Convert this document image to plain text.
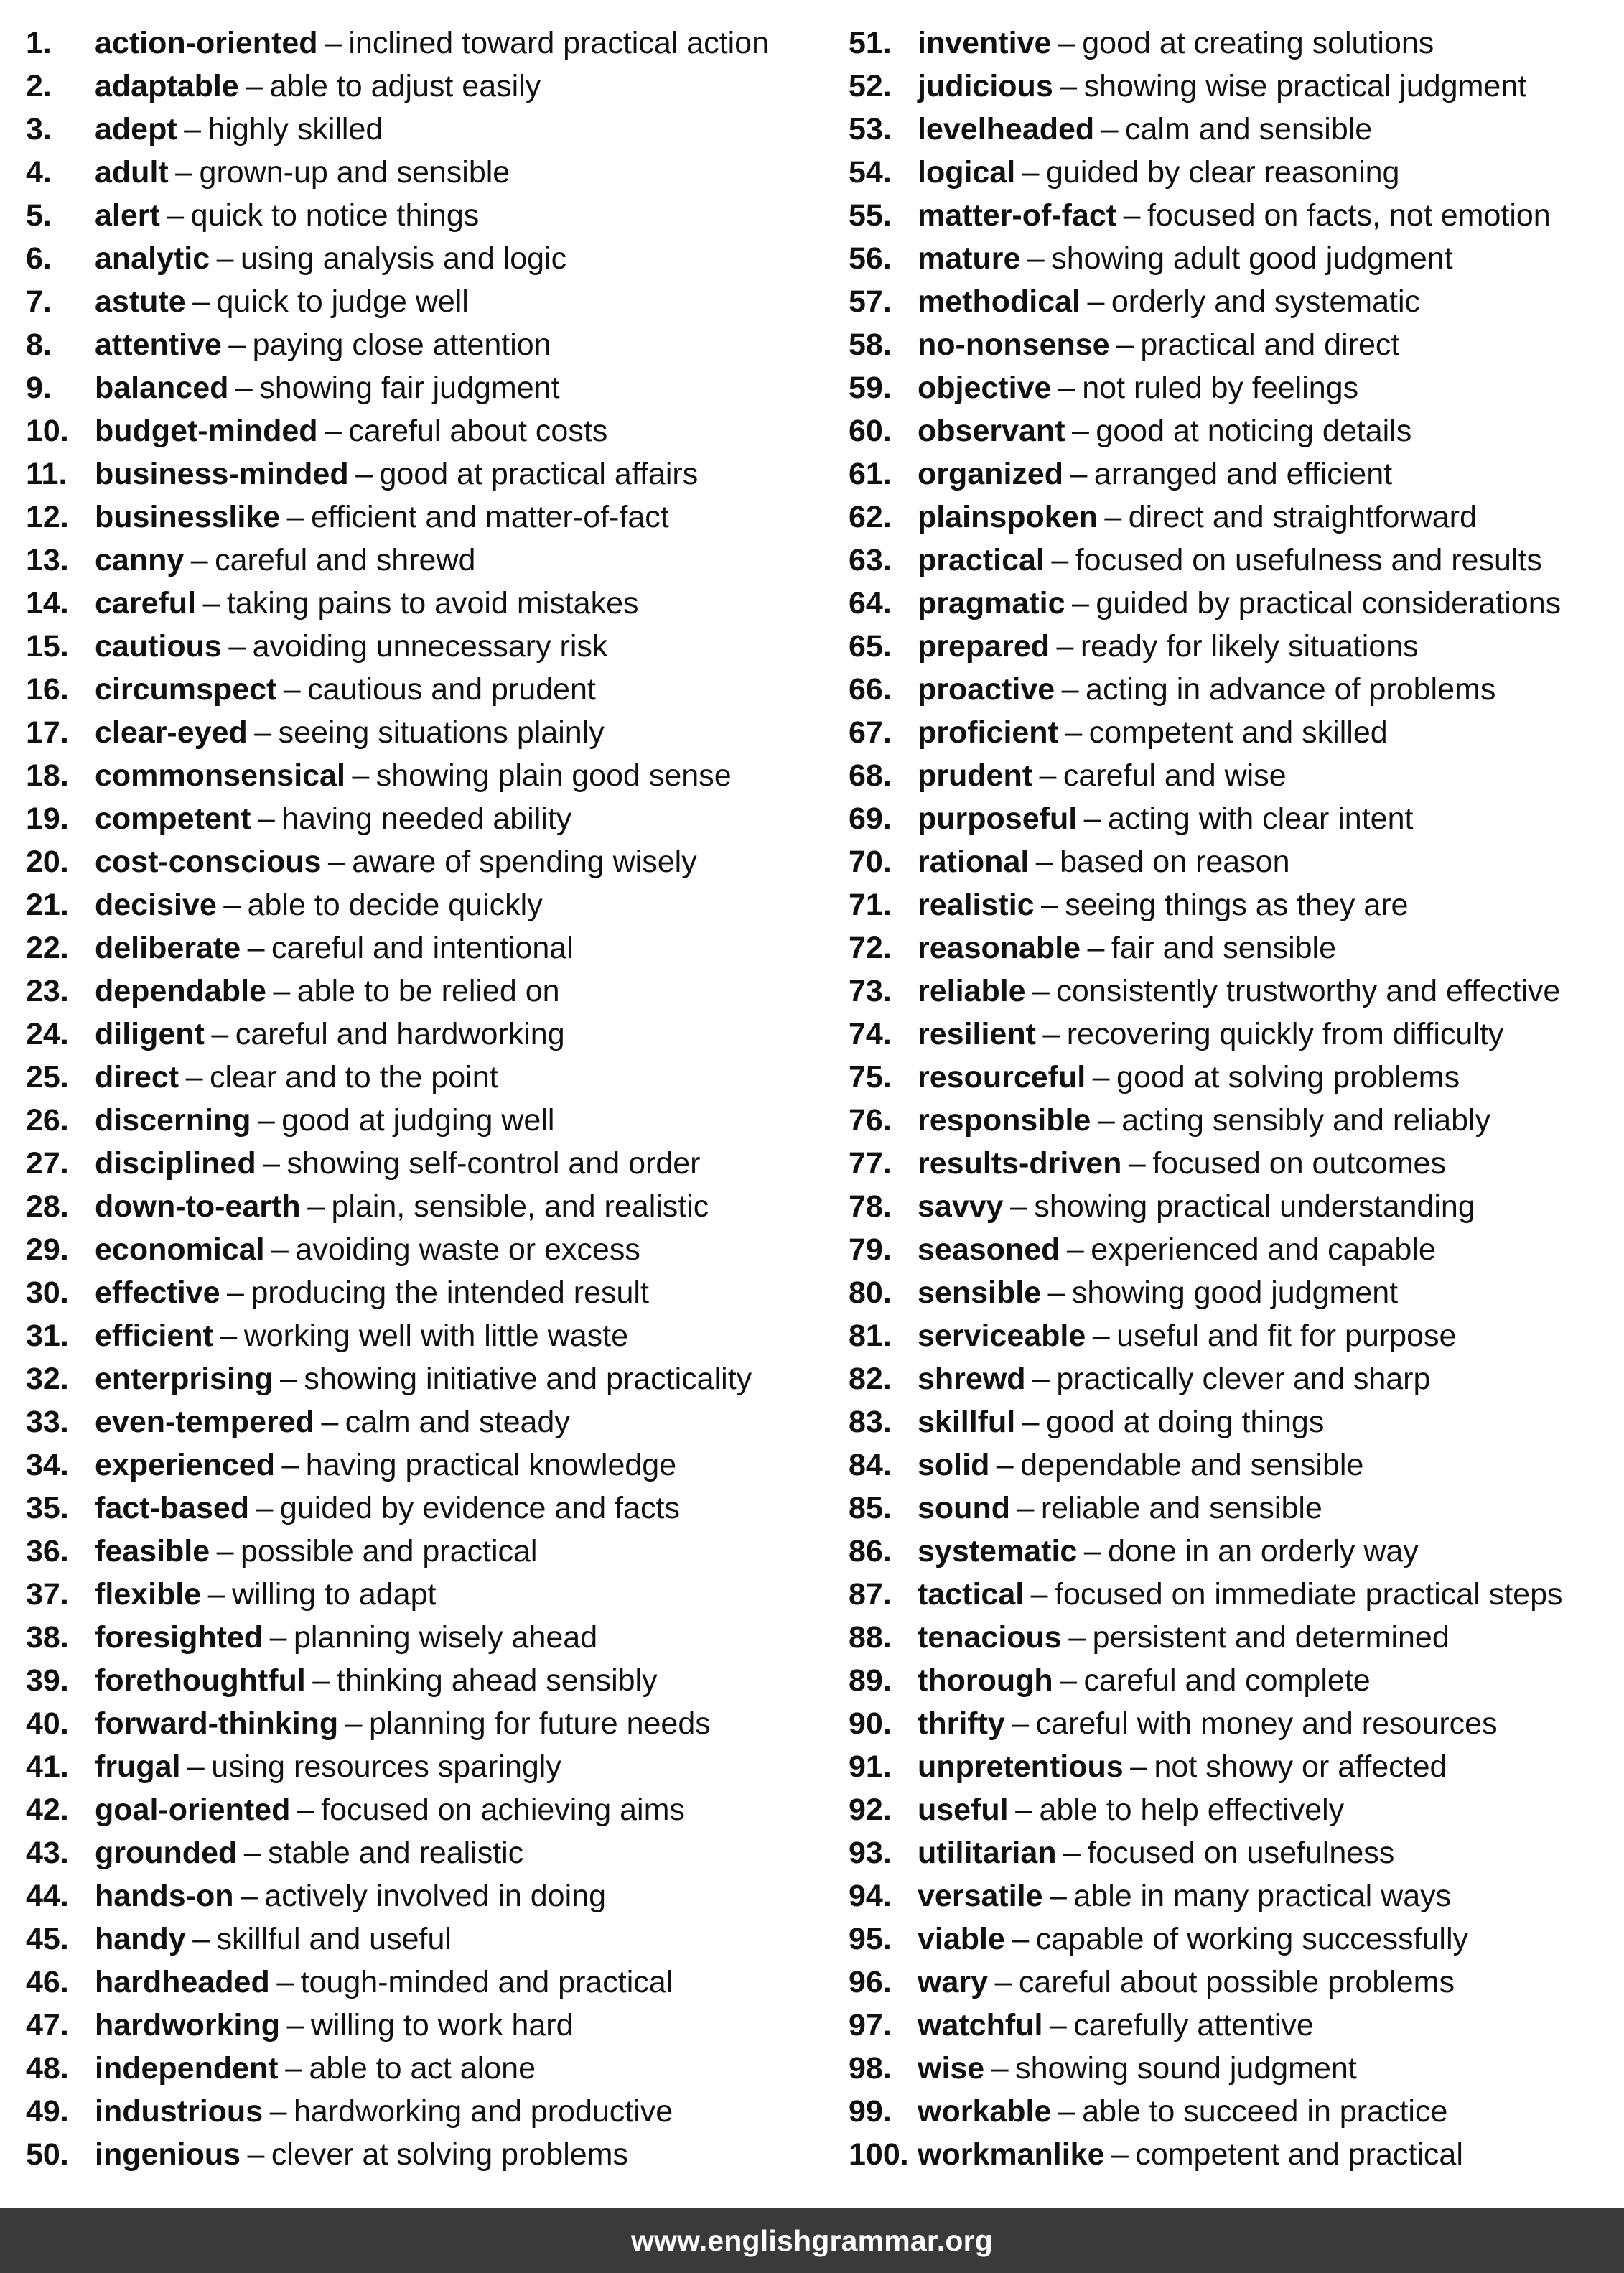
1.	action-oriented – inclined toward practical action
2.	adaptable – able to adjust easily
3.	adept – highly skilled
4.	adult – grown-up and sensible
5.	alert – quick to notice things
6.	analytic – using analysis and logic
7.	astute – quick to judge well
8.	attentive – paying close attention
9.	balanced – showing fair judgment
10. budget-minded – careful about costs
11. business-minded – good at practical affairs
12. businesslike – efficient and matter-of-fact
13. canny – careful and shrewd
14. careful – taking pains to avoid mistakes
15. cautious – avoiding unnecessary risk
16. circumspect – cautious and prudent
17. clear-eyed – seeing situations plainly
18. commonsensical – showing plain good sense
19. competent – having needed ability
20. cost-conscious – aware of spending wisely
21. decisive – able to decide quickly
22. deliberate – careful and intentional
23. dependable – able to be relied on
24. diligent – careful and hardworking
25. direct – clear and to the point
26. discerning – good at judging well
27. disciplined – showing self-control and order
28. down-to-earth – plain, sensible, and realistic
29. economical – avoiding waste or excess
30. effective – producing the intended result
31. efficient – working well with little waste
32. enterprising – showing initiative and practicality
33. even-tempered – calm and steady
34. experienced – having practical knowledge
35. fact-based – guided by evidence and facts
36. feasible – possible and practical
37. flexible – willing to adapt
38. foresighted – planning wisely ahead
39. forethoughtful – thinking ahead sensibly
40. forward-thinking – planning for future needs
41. frugal – using resources sparingly
42. goal-oriented – focused on achieving aims
43. grounded – stable and realistic
44. hands-on – actively involved in doing
45. handy – skillful and useful
46. hardheaded – tough-minded and practical
47. hardworking – willing to work hard
48. independent – able to act alone
49. industrious – hardworking and productive
50. ingenious – clever at solving problems
51. inventive – good at creating solutions
52. judicious – showing wise practical judgment
53. levelheaded – calm and sensible
54. logical – guided by clear reasoning
55. matter-of-fact – focused on facts, not emotion
56. mature – showing adult good judgment
57. methodical – orderly and systematic
58. no-nonsense – practical and direct
59. objective – not ruled by feelings
60. observant – good at noticing details
61. organized – arranged and efficient
62. plainspoken – direct and straightforward
63. practical – focused on usefulness and results
64. pragmatic – guided by practical considerations
65. prepared – ready for likely situations
66. proactive – acting in advance of problems
67. proficient – competent and skilled
68. prudent – careful and wise
69. purposeful – acting with clear intent
70. rational – based on reason
71. realistic – seeing things as they are
72. reasonable – fair and sensible
73. reliable – consistently trustworthy and effective
74. resilient – recovering quickly from difficulty
75. resourceful – good at solving problems
76. responsible – acting sensibly and reliably
77. results-driven – focused on outcomes
78. savvy – showing practical understanding
79. seasoned – experienced and capable
80. sensible – showing good judgment
81. serviceable – useful and fit for purpose
82. shrewd – practically clever and sharp
83. skillful – good at doing things
84. solid – dependable and sensible
85. sound – reliable and sensible
86. systematic – done in an orderly way
87. tactical – focused on immediate practical steps
88. tenacious – persistent and determined
89. thorough – careful and complete
90. thrifty – careful with money and resources
91. unpretentious – not showy or affected
92. useful – able to help effectively
93. utilitarian – focused on usefulness
94. versatile – able in many practical ways
95. viable – capable of working successfully
96. wary – careful about possible problems
97. watchful – carefully attentive
98. wise – showing sound judgment
99. workable – able to succeed in practice
100. workmanlike – competent and practical
www.englishgrammar.org
